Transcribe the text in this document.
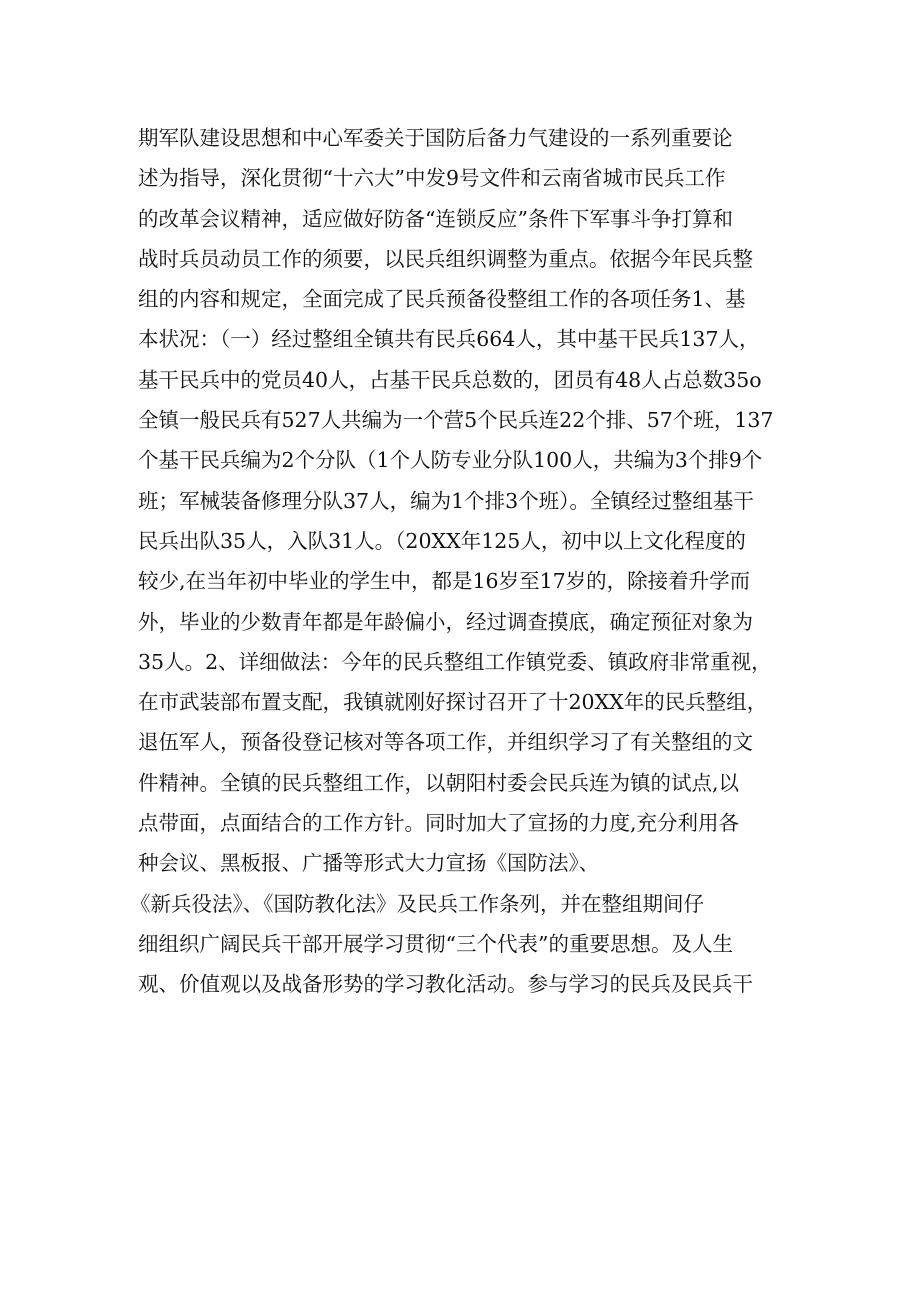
期军队建设思想和中心军委关于国防后备力气建设的一系列重要论
述为指导，深化贯彻“十六大”中发9号文件和云南省城市民兵工作
的改革会议精神，适应做好防备“连锁反应”条件下军事斗争打算和
战时兵员动员工作的须要，以民兵组织调整为重点。依据今年民兵整
组的内容和规定，全面完成了民兵预备役整组工作的各项任务1、基
本状况：（一）经过整组全镇共有民兵664人，其中基干民兵137人，
基干民兵中的党员40人，占基干民兵总数的，团员有48人占总数35o
全镇一般民兵有527人共编为一个营5个民兵连22个排、57个班，137
个基干民兵编为2个分队（1个人防专业分队100人，共编为3个排9个
班；军械装备修理分队37人，编为1个排3个班）。全镇经过整组基干
民兵出队35人，入队31人。（20XX年125人，初中以上文化程度的
较少,在当年初中毕业的学生中，都是16岁至17岁的，除接着升学而
外，毕业的少数青年都是年龄偏小，经过调查摸底，确定预征对象为
35人。2、详细做法：今年的民兵整组工作镇党委、镇政府非常重视，
在市武装部布置支配，我镇就刚好探讨召开了十20XX年的民兵整组，
退伍军人，预备役登记核对等各项工作，并组织学习了有关整组的文
件精神。全镇的民兵整组工作，以朝阳村委会民兵连为镇的试点,以
点带面，点面结合的工作方针。同时加大了宣扬的力度,充分利用各
种会议、黑板报、广播等形式大力宣扬《国防法》、
《新兵役法》、《国防教化法》及民兵工作条列，并在整组期间仔
细组织广阔民兵干部开展学习贯彻“三个代表”的重要思想。及人生
观、价值观以及战备形势的学习教化活动。参与学习的民兵及民兵干
